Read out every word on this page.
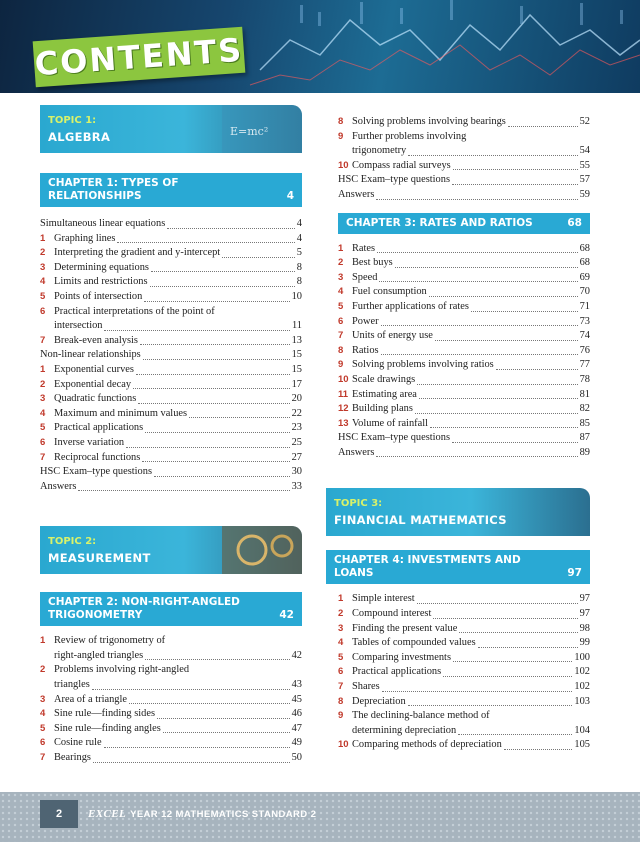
CONTENTS
TOPIC 1:
ALGEBRA	E=mc²
CHAPTER 1: TYPES OF
RELATIONSHIPS	4
Simultaneous linear equations	4
1 Graphing lines	4
2 Interpreting the gradient and y-intercept	5
3 Determining equations	8
4 Limits and restrictions	8
5 Points of intersection	10
6 Practical interpretations of the point of
intersection	11
7 Break-even analysis	13
Non-linear relationships	15
1 Exponential curves	15
2 Exponential decay	17
3 Quadratic functions	20
4 Maximum and minimum values	22
5 Practical applications	23
6 Inverse variation	25
7 Reciprocal functions	27
HSC Exam–type questions	30
Answers	33
TOPIC 2:
MEASUREMENT
CHAPTER 2: NON-RIGHT-ANGLED
TRIGONOMETRY	42
1 Review of trigonometry of
right-angled triangles	42
2 Problems involving right-angled
triangles	43
3 Area of a triangle	45
4 Sine rule—finding sides	46
5 Sine rule—finding angles	47
6 Cosine rule	49
7 Bearings	50
8 Solving problems involving bearings	52
9 Further problems involving
trigonometry	54
10 Compass radial surveys	55
HSC Exam–type questions	57
Answers	59
CHAPTER 3: RATES AND RATIOS	68
1 Rates	68
2 Best buys	68
3 Speed	69
4 Fuel consumption	70
5 Further applications of rates	71
6 Power	73
7 Units of energy use	74
8 Ratios	76
9 Solving problems involving ratios	77
10 Scale drawings	78
11 Estimating area	81
12 Building plans	82
13 Volume of rainfall	85
HSC Exam–type questions	87
Answers	89
TOPIC 3:
FINANCIAL MATHEMATICS
CHAPTER 4: INVESTMENTS AND
LOANS	97
1 Simple interest	97
2 Compound interest	97
3 Finding the present value	98
4 Tables of compounded values	99
5 Comparing investments	100
6 Practical applications	102
7 Shares	102
8 Depreciation	103
9 The declining-balance method of
determining depreciation	104
10 Comparing methods of depreciation	105
2	EXCEL YEAR 12 MATHEMATICS STANDARD 2
